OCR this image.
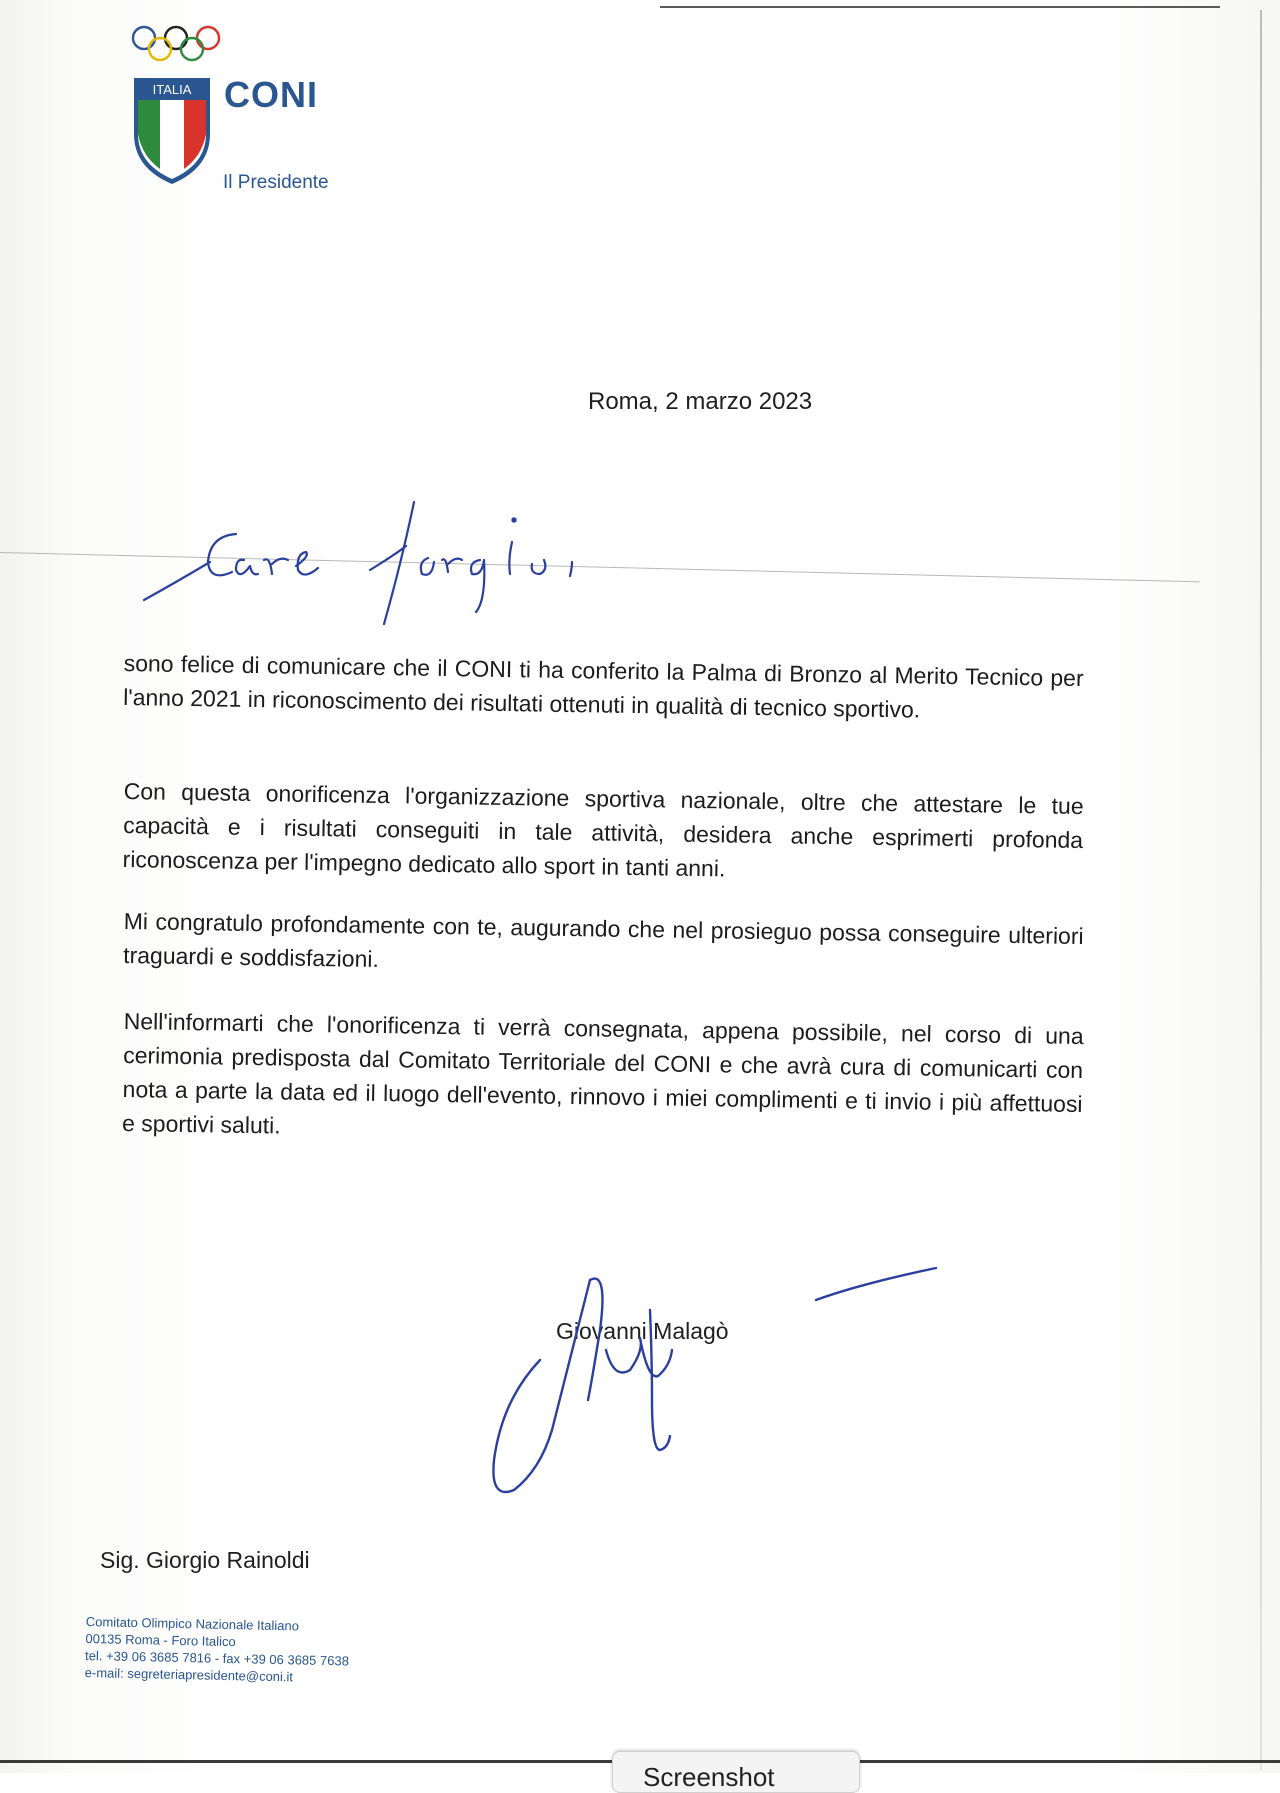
ITALIA CONI
Il Presidente
Roma, 2 marzo 2023
sono felice di comunicare che il CONI ti ha conferito la Palma di Bronzo al Merito Tecnico per l'anno 2021 in riconoscimento dei risultati ottenuti in qualità di tecnico sportivo.
Con questa onorificenza l'organizzazione sportiva nazionale, oltre che attestare le tue capacità e i risultati conseguiti in tale attività, desidera anche esprimerti profonda riconoscenza per l'impegno dedicato allo sport in tanti anni.
Mi congratulo profondamente con te, augurando che nel prosieguo possa conseguire ulteriori traguardi e soddisfazioni.
Nell'informarti che l'onorificenza ti verrà consegnata, appena possibile, nel corso di una cerimonia predisposta dal Comitato Territoriale del CONI e che avrà cura di comunicarti con nota a parte la data ed il luogo dell'evento, rinnovo i miei complimenti e ti invio i più affettuosi e sportivi saluti.
Giovanni Malagò
Sig. Giorgio Rainoldi
Comitato Olimpico Nazionale Italiano
00135 Roma - Foro Italico
tel. +39 06 3685 7816 - fax +39 06 3685 7638
e-mail: segreteriapresidente@coni.it
Screenshot
